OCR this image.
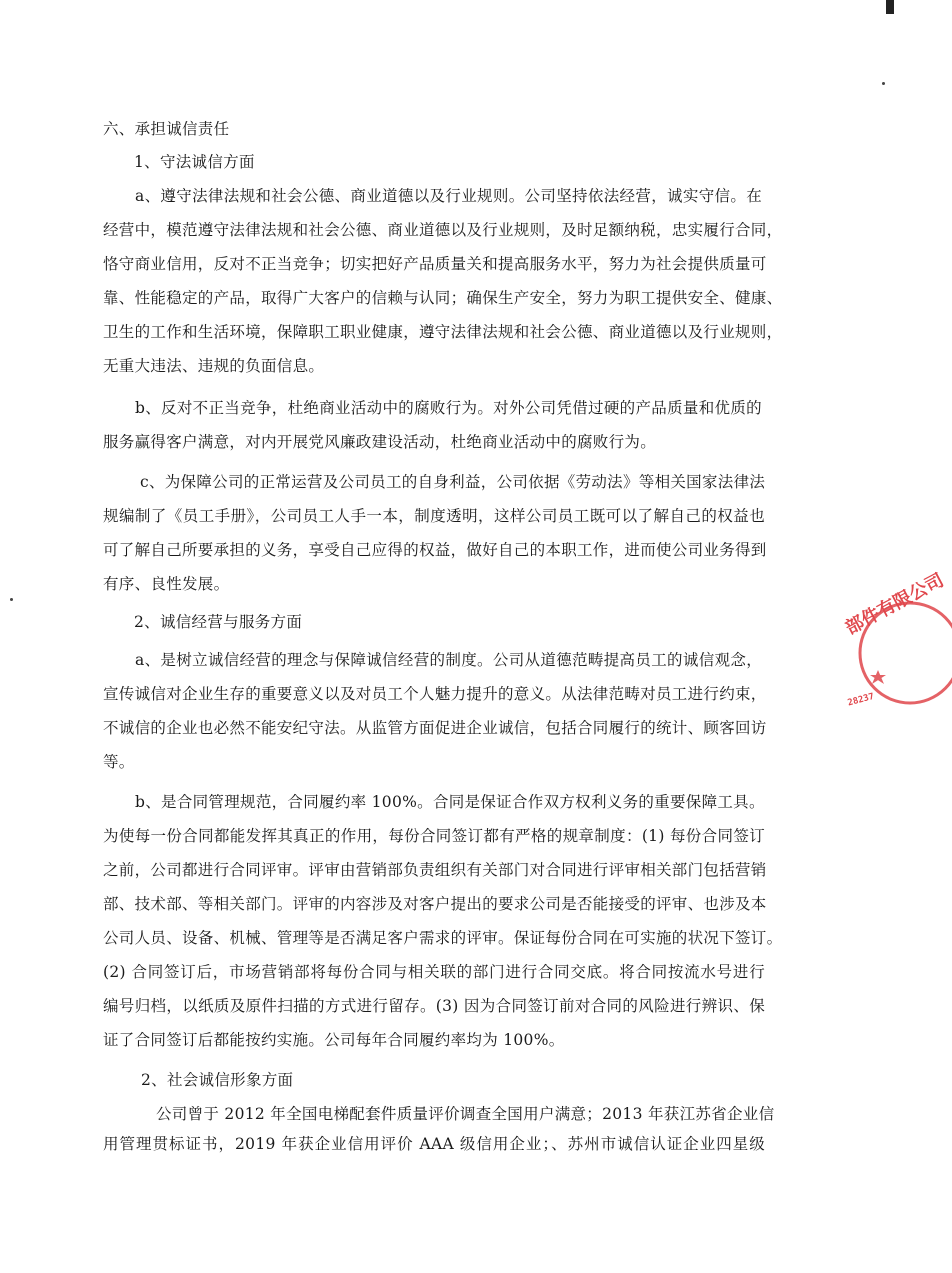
六、承担诚信责任
1、守法诚信方面
a、遵守法律法规和社会公德、商业道德以及行业规则。公司坚持依法经营，诚实守信。在
经营中，模范遵守法律法规和社会公德、商业道德以及行业规则，及时足额纳税，忠实履行合同，
恪守商业信用，反对不正当竞争；切实把好产品质量关和提高服务水平，努力为社会提供质量可
靠、性能稳定的产品，取得广大客户的信赖与认同；确保生产安全，努力为职工提供安全、健康、
卫生的工作和生活环境，保障职工职业健康，遵守法律法规和社会公德、商业道德以及行业规则，
无重大违法、违规的负面信息。
b、反对不正当竞争，杜绝商业活动中的腐败行为。对外公司凭借过硬的产品质量和优质的
服务赢得客户满意，对内开展党风廉政建设活动，杜绝商业活动中的腐败行为。
c、为保障公司的正常运营及公司员工的自身利益，公司依据《劳动法》等相关国家法律法
规编制了《员工手册》，公司员工人手一本，制度透明，这样公司员工既可以了解自己的权益也
可了解自己所要承担的义务，享受自己应得的权益，做好自己的本职工作，进而使公司业务得到
有序、良性发展。
2、诚信经营与服务方面
a、是树立诚信经营的理念与保障诚信经营的制度。公司从道德范畴提高员工的诚信观念，
宣传诚信对企业生存的重要意义以及对员工个人魅力提升的意义。从法律范畴对员工进行约束，
不诚信的企业也必然不能安纪守法。从监管方面促进企业诚信，包括合同履行的统计、顾客回访
等。
b、是合同管理规范，合同履约率 100%。合同是保证合作双方权利义务的重要保障工具。
为使每一份合同都能发挥其真正的作用，每份合同签订都有严格的规章制度：(1) 每份合同签订
之前，公司都进行合同评审。评审由营销部负责组织有关部门对合同进行评审相关部门包括营销
部、技术部、等相关部门。评审的内容涉及对客户提出的要求公司是否能接受的评审、也涉及本
公司人员、设备、机械、管理等是否满足客户需求的评审。保证每份合同在可实施的状况下签订。
(2) 合同签订后，市场营销部将每份合同与相关联的部门进行合同交底。将合同按流水号进行
编号归档，以纸质及原件扫描的方式进行留存。(3) 因为合同签订前对合同的风险进行辨识、保
证了合同签订后都能按约实施。公司每年合同履约率均为 100%。
2、社会诚信形象方面
公司曾于 2012 年全国电梯配套件质量评价调查全国用户满意；2013 年获江苏省企业信
用管理贯标证书，2019 年获企业信用评价 AAA 级信用企业；、苏州市诚信认证企业四星级
部件有限公司
28237
